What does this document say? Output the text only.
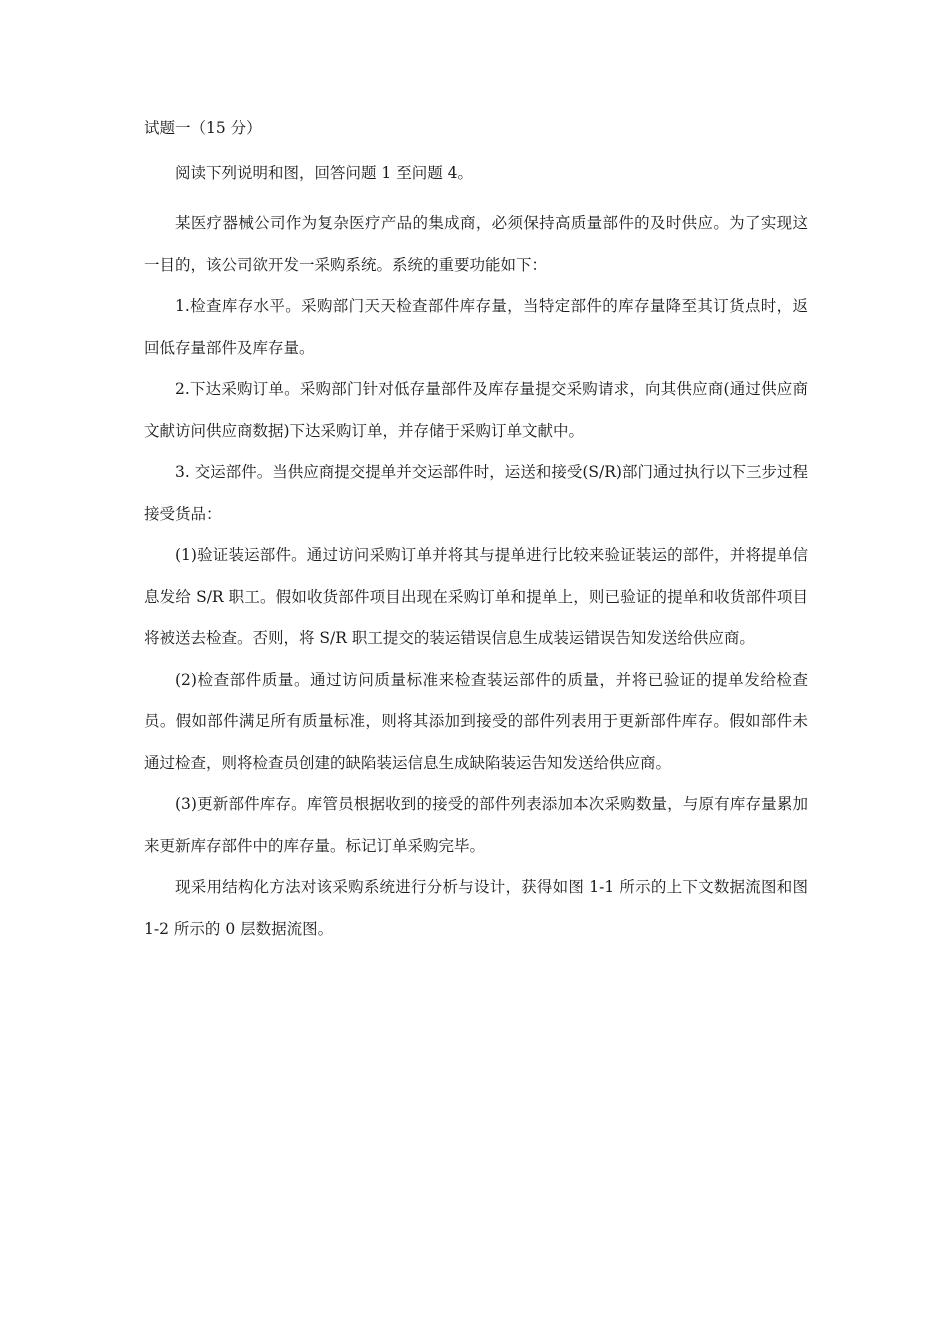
试题一（15 分）

阅读下列说明和图，回答问题 1 至问题 4。

某医疗器械公司作为复杂医疗产品的集成商，必须保持高质量部件的及时供应。为了实现这一目的，该公司欲开发一采购系统。系统的重要功能如下：

1.检查库存水平。采购部门天天检查部件库存量，当特定部件的库存量降至其订货点时，返回低存量部件及库存量。

2.下达采购订单。采购部门针对低存量部件及库存量提交采购请求，向其供应商(通过供应商文献访问供应商数据)下达采购订单，并存储于采购订单文献中。

3. 交运部件。当供应商提交提单并交运部件时，运送和接受(S/R)部门通过执行以下三步过程接受货品：

(1)验证装运部件。通过访问采购订单并将其与提单进行比较来验证装运的部件，并将提单信息发给 S/R 职工。假如收货部件项目出现在采购订单和提单上，则已验证的提单和收货部件项目将被送去检查。否则，将 S/R 职工提交的装运错误信息生成装运错误告知发送给供应商。

(2)检查部件质量。通过访问质量标准来检查装运部件的质量，并将已验证的提单发给检查员。假如部件满足所有质量标准，则将其添加到接受的部件列表用于更新部件库存。假如部件未通过检查，则将检查员创建的缺陷装运信息生成缺陷装运告知发送给供应商。

(3)更新部件库存。库管员根据收到的接受的部件列表添加本次采购数量，与原有库存量累加来更新库存部件中的库存量。标记订单采购完毕。

现采用结构化方法对该采购系统进行分析与设计，获得如图 1-1 所示的上下文数据流图和图 1-2 所示的 0 层数据流图。
